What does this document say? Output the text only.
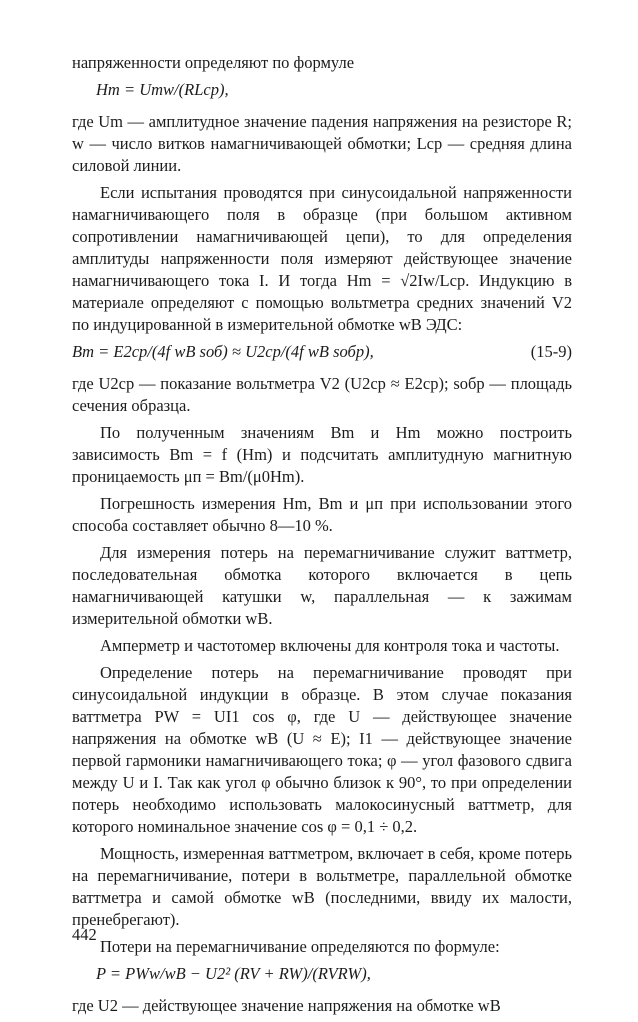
напряженности определяют по формуле

Hm = Umw/(RLср),

где Um — амплитудное значение падения напряжения на резисторе R; w — число витков намагничивающей обмотки; Lср — средняя длина силовой линии.

Если испытания проводятся при синусоидальной напряженности намагничивающего поля в образце (при большом активном сопротивлении намагничивающей цепи), то для определения амплитуды напряженности поля измеряют действующее значение намагничивающего тока I. И тогда Hm = √2Iw/Lср. Индукцию в материале определяют с помощью вольтметра средних значений V2 по индуцированной в измерительной обмотке wB ЭДС:

Bm = E2ср/(4f wB sоб) ≈ U2ср/(4f wB sобр),	(15-9)

где U2ср — показание вольтметра V2 (U2ср ≈ E2ср); sобр — площадь сечения образца.

По полученным значениям Bm и Hm можно построить зависимость Bm = f (Hm) и подсчитать амплитудную магнитную проницаемость μп = Bm/(μ0Hm).

Погрешность измерения Hm, Bm и μп при использовании этого способа составляет обычно 8—10 %.

Для измерения потерь на перемагничивание служит ваттметр, последовательная обмотка которого включается в цепь намагничивающей катушки w, параллельная — к зажимам измерительной обмотки wB.

Амперметр и частотомер включены для контроля тока и частоты.

Определение потерь на перемагничивание проводят при синусоидальной индукции в образце. В этом случае показания ваттметра PW = UI1 cos φ, где U — действующее значение напряжения на обмотке wB (U ≈ E); I1 — действующее значение первой гармоники намагничивающего тока; φ — угол фазового сдвига между U и I. Так как угол φ обычно близок к 90°, то при определении потерь необходимо использовать малокосинусный ваттметр, для которого номинальное значение cos φ = 0,1 ÷ 0,2.

Мощность, измеренная ваттметром, включает в себя, кроме потерь на перемагничивание, потери в вольтметре, параллельной обмотке ваттметра и самой обмотке wB (последними, ввиду их малости, пренебрегают).

Потери на перемагничивание определяются по формуле:

P = PWw/wB − U2² (RV + RW)/(RVRW),

где U2 — действующее значение напряжения на обмотке wB

442
